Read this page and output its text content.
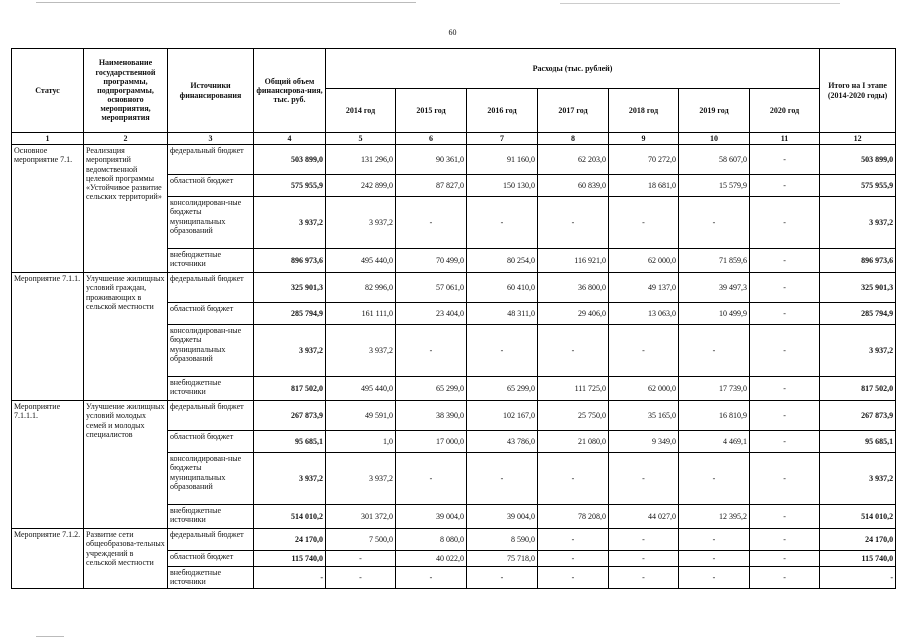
60
Статус	Наименование государственной программы, подпрограммы, основного мероприятия, мероприятия	Источники финансирования	Общий объем финансирова-ния, тыс. руб.	Расходы (тыс. рублей)							Итого на I этапе (2014-2020 годы)
				2014 год	2015 год	2016 год	2017 год	2018 год	2019 год	2020 год	
1	2	3	4	5	6	7	8	9	10	11	12
Основное мероприятие 7.1.	Реализация мероприятий ведомственной целевой программы «Устойчивое развитие сельских территорий»	федеральный бюджет	503 899,0	131 296,0	90 361,0	91 160,0	62 203,0	70 272,0	58 607,0	-	503 899,0
		областной бюджет	575 955,9	242 899,0	87 827,0	150 130,0	60 839,0	18 681,0	15 579,9	-	575 955,9
		консолидирован-ные бюджеты муниципальных образований	3 937,2	3 937,2	-	-	-	-	-	-	3 937,2
		внебюджетные источники	896 973,6	495 440,0	70 499,0	80 254,0	116 921,0	62 000,0	71 859,6	-	896 973,6
Мероприятие 7.1.1.	Улучшение жилищных условий граждан, проживающих в сельской местности	федеральный бюджет	325 901,3	82 996,0	57 061,0	60 410,0	36 800,0	49 137,0	39 497,3	-	325 901,3
		областной бюджет	285 794,9	161 111,0	23 404,0	48 311,0	29 406,0	13 063,0	10 499,9	-	285 794,9
		консолидирован-ные бюджеты муниципальных образований	3 937,2	3 937,2	-	-	-	-	-	-	3 937,2
		внебюджетные источники	817 502,0	495 440,0	65 299,0	65 299,0	111 725,0	62 000,0	17 739,0	-	817 502,0
Мероприятие 7.1.1.1.	Улучшение жилищных условий молодых семей и молодых специалистов	федеральный бюджет	267 873,9	49 591,0	38 390,0	102 167,0	25 750,0	35 165,0	16 810,9	-	267 873,9
		областной бюджет	95 685,1	1,0	17 000,0	43 786,0	21 080,0	9 349,0	4 469,1	-	95 685,1
		консолидирован-ные бюджеты муниципальных образований	3 937,2	3 937,2	-	-	-	-	-	-	3 937,2
		внебюджетные источники	514 010,2	301 372,0	39 004,0	39 004,0	78 208,0	44 027,0	12 395,2	-	514 010,2
Мероприятие 7.1.2.	Развитие сети общеобразова-тельных учреждений в сельской местности	федеральный бюджет	24 170,0	7 500,0	8 080,0	8 590,0	-	-	-	-	24 170,0
		областной бюджет	115 740,0	-	40 022,0	75 718,0	-	-	-	-	115 740,0
		внебюджетные источники	-	-	-	-	-	-	-	-	-
